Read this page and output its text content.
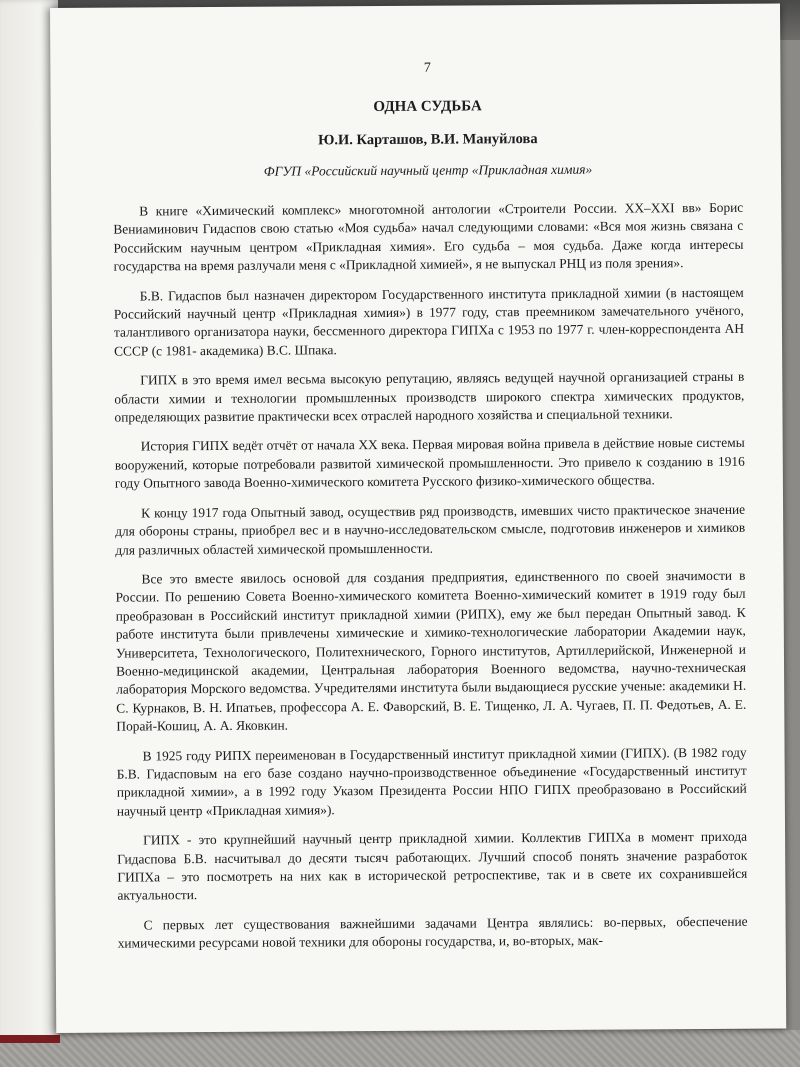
7
ОДНА СУДЬБА
Ю.И. Карташов, В.И. Мануйлова
ФГУП «Российский научный центр «Прикладная химия»

В книге «Химический комплекс» многотомной антологии «Строители России. XX–XXI вв» Борис Вениаминович Гидаспов свою статью «Моя судьба» начал следующими словами: «Вся моя жизнь связана с Российским научным центром «Прикладная химия». Его судьба – моя судьба. Даже когда интересы государства на время разлучали меня с «Прикладной химией», я не выпускал РНЦ из поля зрения».

Б.В. Гидаспов был назначен директором Государственного института прикладной химии (в настоящем Российский научный центр «Прикладная химия») в 1977 году, став преемником замечательного учёного, талантливого организатора науки, бессменного директора ГИПХа с 1953 по 1977 г. член-корреспондента АН СССР (с 1981- академика) В.С. Шпака.

ГИПХ в это время имел весьма высокую репутацию, являясь ведущей научной организацией страны в области химии и технологии промышленных производств широкого спектра химических продуктов, определяющих развитие практически всех отраслей народного хозяйства и специальной техники.

История ГИПХ ведёт отчёт от начала XX века. Первая мировая война привела в действие новые системы вооружений, которые потребовали развитой химической промышленности. Это привело к созданию в 1916 году Опытного завода Военно-химического комитета Русского физико-химического общества.

К концу 1917 года Опытный завод, осуществив ряд производств, имевших чисто практическое значение для обороны страны, приобрел вес и в научно-исследовательском смысле, подготовив инженеров и химиков для различных областей химической промышленности.

Все это вместе явилось основой для создания предприятия, единственного по своей значимости в России. По решению Совета Военно-химического комитета Военно-химический комитет в 1919 году был преобразован в Российский институт прикладной химии (РИПХ), ему же был передан Опытный завод. К работе института были привлечены химические и химико-технологические лаборатории Академии наук, Университета, Технологического, Политехнического, Горного институтов, Артиллерийской, Инженерной и Военно-медицинской академии, Центральная лаборатория Военного ведомства, научно-техническая лаборатория Морского ведомства. Учредителями института были выдающиеся русские ученые: академики Н. С. Курнаков, В. Н. Ипатьев, профессора А. Е. Фаворский, В. Е. Тищенко, Л. А. Чугаев, П. П. Федотьев, А. Е. Порай-Кошиц, А. А. Яковкин.

В 1925 году РИПХ переименован в Государственный институт прикладной химии (ГИПХ). (В 1982 году Б.В. Гидасповым на его базе создано научно-производственное объединение «Государственный институт прикладной химии», а в 1992 году Указом Президента России НПО ГИПХ преобразовано в Российский научный центр «Прикладная химия»).

ГИПХ - это крупнейший научный центр прикладной химии. Коллектив ГИПХа в момент прихода Гидаспова Б.В. насчитывал до десяти тысяч работающих. Лучший способ понять значение разработок ГИПХа – это посмотреть на них как в исторической ретроспективе, так и в свете их сохранившейся актуальности.

С первых лет существования важнейшими задачами Центра являлись: во-первых, обеспечение химическими ресурсами новой техники для обороны государства, и, во-вторых, мак-
